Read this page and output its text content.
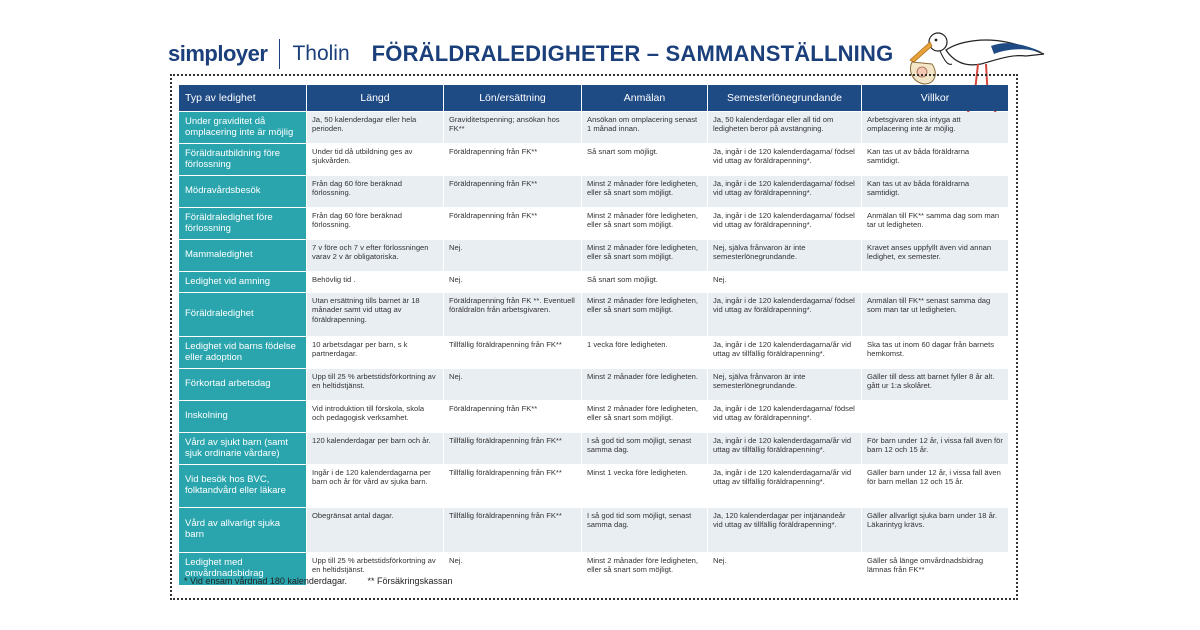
simployer Tholin FÖRÄLDRALEDIGHETER – SAMMANSTÄLLNING
Typ av ledighet	Längd	Lön/ersättning	Anmälan	Semesterlönegrundande	Villkor
Under graviditet då omplacering inte är möjlig	Ja, 50 kalenderdagar eller hela perioden.	Graviditetspenning; ansökan hos FK**	Ansökan om omplacering senast 1 månad innan.	Ja, 50 kalenderdagar eller all tid om ledigheten beror på avstängning.	Arbetsgivaren ska intyga att omplacering inte är möjlig.
Föräldrautbildning före förlossning	Under tid då utbildning ges av sjukvården.	Föräldrapenning från FK**	Så snart som möjligt.	Ja, ingår i de 120 kalenderdagarna/ födsel vid uttag av föräldrapenning*.	Kan tas ut av båda föräldrarna samtidigt.
Mödravårdsbesök	Från dag 60 före beräknad förlossning.	Föräldrapenning från FK**	Minst 2 månader före ledigheten, eller så snart som möjligt.	Ja, ingår i de 120 kalenderdagarna/ födsel vid uttag av föräldrapenning*.	Kan tas ut av båda föräldrarna samtidigt.
Föräldraledighet före förlossning	Från dag 60 före beräknad förlossning.	Föräldrapenning från FK**	Minst 2 månader före ledigheten, eller så snart som möjligt.	Ja, ingår i de 120 kalenderdagarna/ födsel vid uttag av föräldrapenning*.	Anmälan till FK** samma dag som man tar ut ledigheten.
Mammaledighet	7 v före och 7 v efter förlossningen varav 2 v är obligatoriska.	Nej.	Minst 2 månader före ledigheten, eller så snart som möjligt.	Nej, själva frånvaron är inte semesterlönegrundande.	Kravet anses uppfyllt även vid annan ledighet, ex semester.
Ledighet vid amning	Behövlig tid .	Nej.	Så snart som möjligt.	Nej.	
Föräldraledighet	Utan ersättning tills barnet är 18 månader samt vid uttag av föräldrapenning.	Föräldrapenning från FK **. Eventuell föräldralön från arbetsgivaren.	Minst 2 månader före ledigheten, eller så snart som möjligt.	Ja, ingår i de 120 kalenderdagarna/ födsel vid uttag av föräldrapenning*.	Anmälan till FK** senast samma dag som man tar ut ledigheten.
Ledighet vid barns födelse eller adoption	10 arbetsdagar per barn, s k partnerdagar.	Tillfällig föräldrapenning från FK**	1 vecka före ledigheten.	Ja, ingår i de 120 kalenderdagarna/år vid uttag av tillfällig föräldrapenning*.	Ska tas ut inom 60 dagar från barnets hemkomst.
Förkortad arbetsdag	Upp till 25 % arbetstidsförkortning av en heltidstjänst.	Nej.	Minst 2 månader före ledigheten.	Nej, själva frånvaron är inte semesterlönegrundande.	Gäller till dess att barnet fyller 8 år alt. gått ur 1:a skolåret.
Inskolning	Vid introduktion till förskola, skola och pedagogisk verksamhet.	Föräldrapenning från FK**	Minst 2 månader före ledigheten, eller så snart som möjligt.	Ja, ingår i de 120 kalenderdagarna/ födsel vid uttag av föräldrapenning*.	
Vård av sjukt barn (samt sjuk ordinarie vårdare)	120 kalenderdagar per barn och år.	Tillfällig föräldrapenning från FK**	I så god tid som möjligt, senast samma dag.	Ja, ingår i de 120 kalenderdagarna/år vid uttag av tillfällig föräldrapenning*.	För barn under 12 år, i vissa fall även för barn 12 och 15 år.
Vid besök hos BVC, folktandvård eller läkare	Ingår i de 120 kalenderdagarna per barn och år för vård av sjuka barn.	Tillfällig föräldrapenning från FK**	Minst 1 vecka före ledigheten.	Ja, ingår i de 120 kalenderdagarna/år vid uttag av tillfällig föräldrapenning*.	Gäller barn under 12 år, i vissa fall även för barn mellan 12 och 15 år.
Vård av allvarligt sjuka barn	Obegränsat antal dagar.	Tillfällig föräldrapenning från FK**	I så god tid som möjligt, senast samma dag.	Ja, 120 kalenderdagar per intjänandeår vid uttag av tillfällig föräldrapenning*.	Gäller allvarligt sjuka barn under 18 år. Läkarintyg krävs.
Ledighet med omvårdnadsbidrag	Upp till 25 % arbetstidsförkortning av en heltidstjänst.	Nej.	Minst 2 månader före ledigheten, eller så snart som möjligt.	Nej.	Gäller så länge omvårdnadsbidrag lämnas från FK**
* Vid ensam vårdnad 180 kalenderdagar. ** Försäkringskassan
